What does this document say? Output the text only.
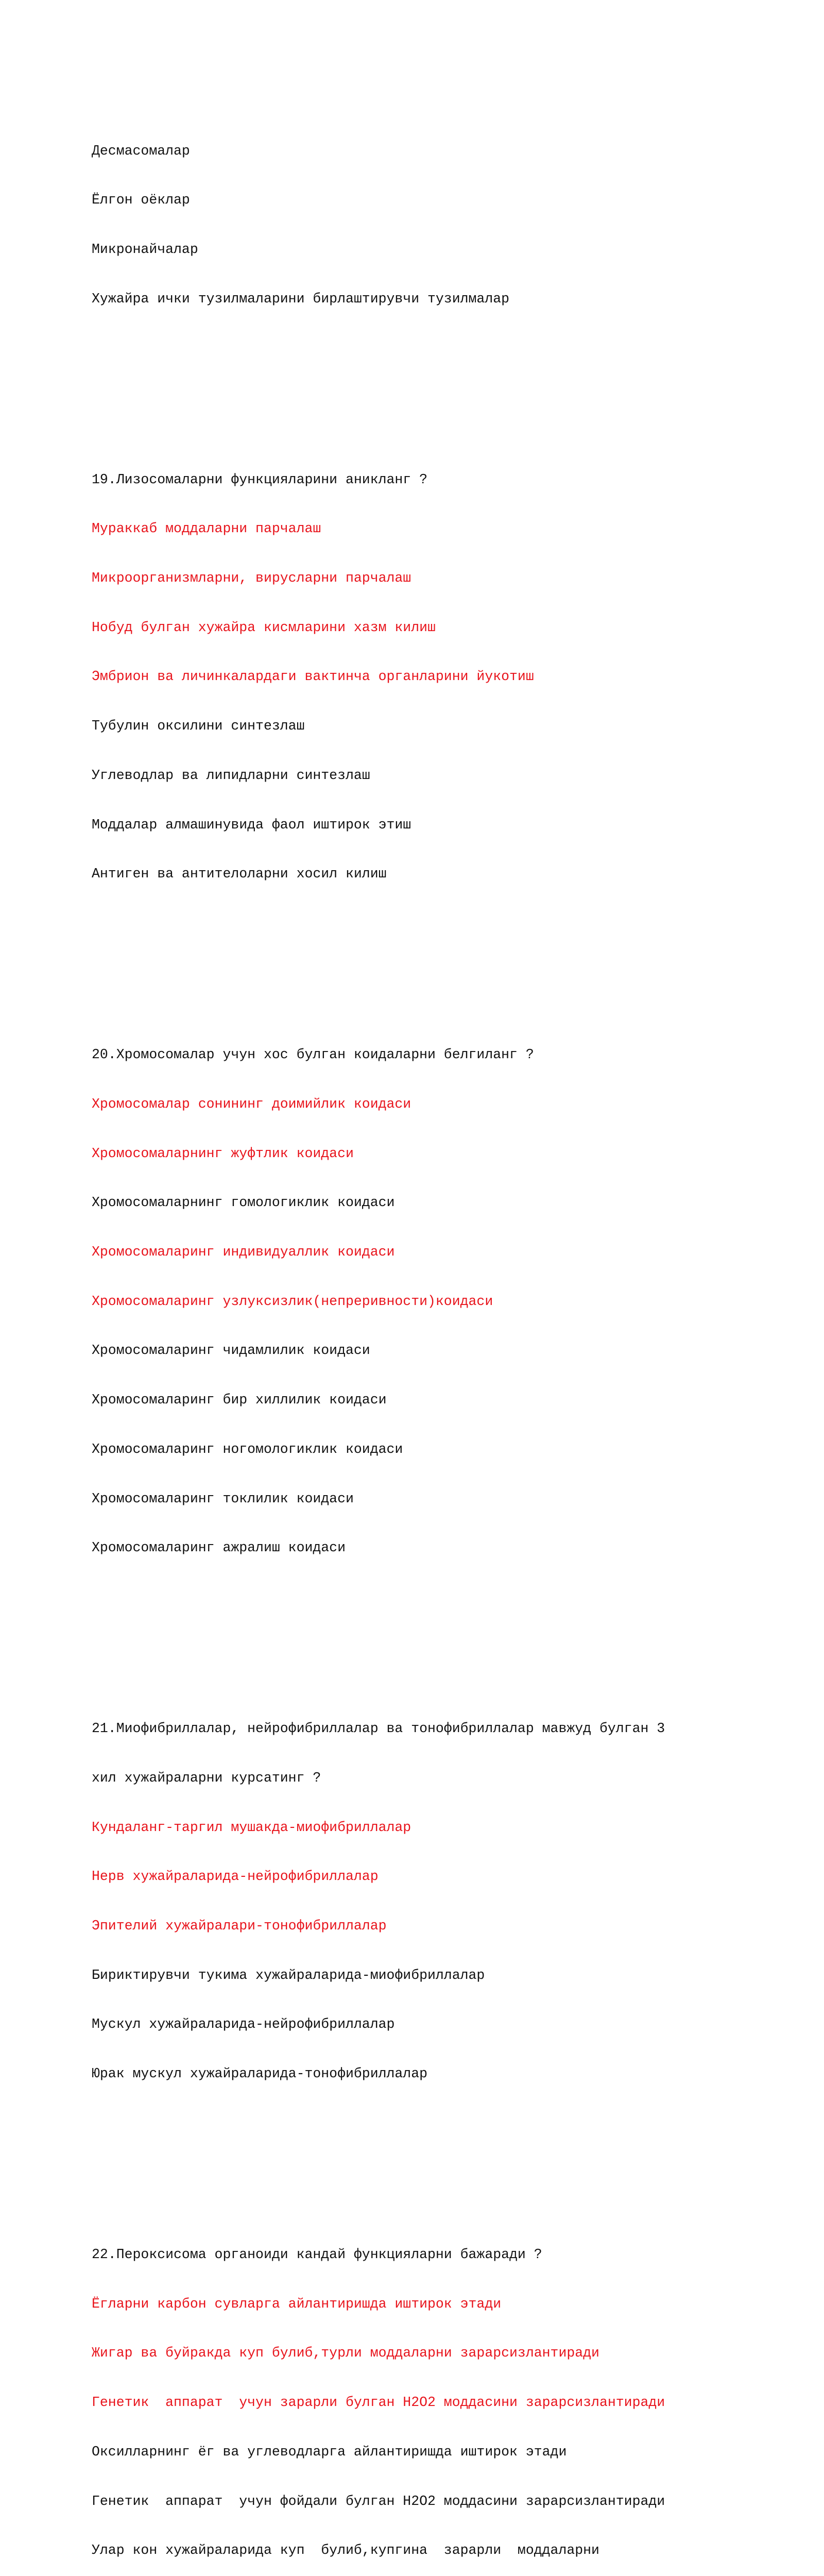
Десмасомалар

Ёлгон оёклар

Микронайчалар

Хужайра ички тузилмаларини бирлаштирувчи тузилмалар

19.Лизосомаларни функцияларини аникланг ?

Мураккаб моддаларни парчалаш

Микроорганизмларни, вирусларни парчалаш

Нобуд булган хужайра кисмларини хазм килиш

Эмбрион ва личинкалардаги вактинча органларини йукотиш

Тубулин оксилини синтезлаш

Углеводлар ва липидларни синтезлаш

Моддалар алмашинувида фаол иштирок этиш

Антиген ва антителоларни хосил килиш

20.Хромосомалар учун хос булган коидаларни белгиланг ?

Хромосомалар сонининг доимийлик коидаси

Хромосомаларнинг жуфтлик коидаси

Хромосомаларнинг гомологиклик коидаси

Хромосомаларинг индивидуаллик коидаси

Хромосомаларинг узлуксизлик(непреривности)коидаси

Хромосомаларинг чидамлилик коидаси

Хромосомаларинг бир хиллилик коидаси

Хромосомаларинг ногомологиклик коидаси

Хромосомаларинг токлилик коидаси

Хромосомаларинг ажралиш коидаси

21.Миофибриллалар, нейрофибриллалар ва тонофибриллалар мавжуд булган 3

хил хужайраларни курсатинг ?

Кундаланг-таргил мушакда-миофибриллалар

Нерв хужайраларида-нейрофибриллалар

Эпителий хужайралари-тонофибриллалар

Бириктирувчи тукима хужайраларида-миофибриллалар

Мускул хужайраларида-нейрофибриллалар

Юрак мускул хужайраларида-тонофибриллалар

22.Пероксисома органоиди кандай функцияларни бажаради ?

Ёгларни карбон сувларга айлантиришда иштирок этади

Жигар ва буйракда куп булиб,турли моддаларни зарарсизлантиради

Генетик  аппарат  учун зарарли булган Н2О2 моддасини зарарсизлантиради

Оксилларнинг ёг ва углеводларга айлантиришда иштирок этади

Генетик  аппарат  учун фойдали булган Н2О2 моддасини зарарсизлантиради

Улар кон хужайраларида куп  булиб,купгина  зарарли  моддаларни
